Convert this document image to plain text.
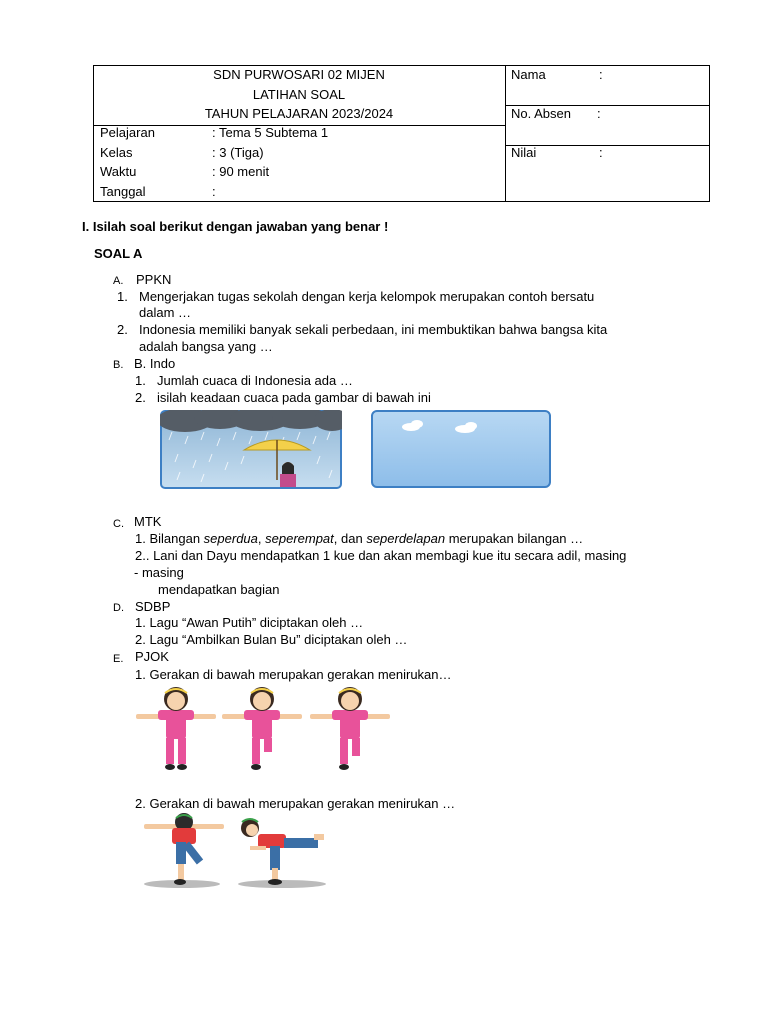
SDN PURWOSARI 02 MIJEN
LATIHAN SOAL
TAHUN PELAJARAN 2023/2024
Pelajaran	: Tema 5 Subtema 1
Kelas	: 3 (Tiga)
Waktu	: 90 menit
Tanggal	:
Nama	:
No. Absen :
Nilai	:
I. Isilah soal berikut dengan jawaban yang benar !
SOAL A
A. PPKN
1. Mengerjakan tugas sekolah dengan kerja kelompok merupakan contoh bersatu
dalam …
2. Indonesia memiliki banyak sekali perbedaan, ini membuktikan bahwa bangsa kita
adalah bangsa yang …
B. B. Indo
1. Jumlah cuaca di Indonesia ada …
2. isilah keadaan cuaca pada gambar di bawah ini
C. MTK
1. Bilangan seperdua, seperempat, dan seperdelapan merupakan bilangan …
2.. Lani dan Dayu mendapatkan 1 kue dan akan membagi kue itu secara adil, masing
- masing
mendapatkan bagian
D. SDBP
1. Lagu “Awan Putih” diciptakan oleh …
2. Lagu “Ambilkan Bulan Bu” diciptakan oleh …
E. PJOK
1. Gerakan di bawah merupakan gerakan menirukan…
2. Gerakan di bawah merupakan gerakan menirukan …
